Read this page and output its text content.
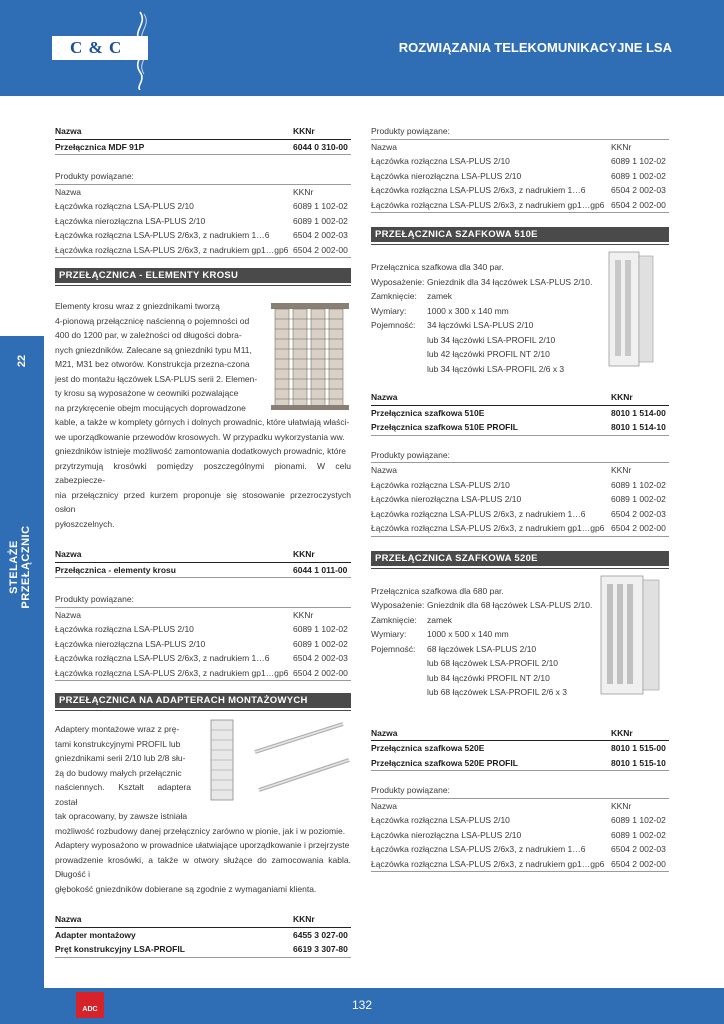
C & C	ROZWIĄZANIA TELEKOMUNIKACYJNE LSA
22
STELAŻE PRZEŁĄCZNIC
ADC	132
Nazwa	KKNr
Przełącznica MDF 91P	6044 0 310-00
Produkty powiązane:
Nazwa	KKNr
Łączówka rozłączna LSA-PLUS 2/10	6089 1 102-02
Łączówka nierozłączna LSA-PLUS 2/10	6089 1 002-02
Łączówka rozłączna LSA-PLUS 2/6x3, z nadrukiem 1…6	6504 2 002-03
Łączówka rozłączna LSA-PLUS 2/6x3, z nadrukiem gp1…gp6 6504 2 002-00
PRZEŁĄCZNICA - ELEMENTY KROSU
Elementy krosu wraz z gniezdnikami tworzą
4-pionową przełącznicę naścienną o pojemności od
400 do 1200 par, w zależności od długości dobra-
nych gniezdników. Zalecane są gniezdniki typu M11,
M21, M31 bez otworów. Konstrukcja przezna-czona
jest do montażu łączówek LSA-PLUS serii 2. Elemen-
ty krosu są wyposażone w ceowniki pozwalające
na przykręcenie obejm mocujących doprowadzone
kable, a także w komplety górnych i dolnych prowadnic, które ułatwiają właści-
we uporządkowanie przewodów krosowych. W przypadku wykorzystania ww.
gniezdników istnieje możliwość zamontowania dodatkowych prowadnic, które
przytrzymują krosówki pomiędzy poszczególnymi pionami. W celu zabezpiecze-
nia przełącznicy przed kurzem proponuje się stosowanie przezroczystych osłon
pyłoszczelnych.
Nazwa	KKNr
Przełącznica - elementy krosu	6044 1 011-00
Produkty powiązane:
Nazwa	KKNr
Łączówka rozłączna LSA-PLUS 2/10	6089 1 102-02
Łączówka nierozłączna LSA-PLUS 2/10	6089 1 002-02
Łączówka rozłączna LSA-PLUS 2/6x3, z nadrukiem 1…6	6504 2 002-03
Łączówka rozłączna LSA-PLUS 2/6x3, z nadrukiem gp1…gp6 6504 2 002-00
PRZEŁĄCZNICA NA ADAPTERACH MONTAŻOWYCH
Adaptery montażowe wraz z prę-
tami konstrukcyjnymi PROFIL lub
gniezdnikami serii 2/10 lub 2/8 słu-
żą do budowy małych przełącznic
naściennych. Kształt adaptera został
tak opracowany, by zawsze istniała
możliwość rozbudowy danej przełącznicy zarówno w pionie, jak i w poziomie.
Adaptery wyposażono w prowadnice ułatwiające uporządkowanie i przejrzyste
prowadzenie krosówki, a także w otwory służące do zamocowania kabla. Długość i
głębokość gniezdników dobierane są zgodnie z wymaganiami klienta.
Nazwa	KKNr
Adapter montażowy	6455 3 027-00
Pręt konstrukcyjny LSA-PROFIL	6619 3 307-80
Produkty powiązane:
Nazwa	KKNr
Łączówka rozłączna LSA-PLUS 2/10	6089 1 102-02
Łączówka nierozłączna LSA-PLUS 2/10	6089 1 002-02
Łączówka rozłączna LSA-PLUS 2/6x3, z nadrukiem 1…6	6504 2 002-03
Łączówka rozłączna LSA-PLUS 2/6x3, z nadrukiem gp1…gp6 6504 2 002-00
PRZEŁĄCZNICA SZAFKOWA 510E
Przełącznica szafkowa dla 340 par.
Wyposażenie: Gniezdnik dla 34 łączówek LSA-PLUS 2/10.
Zamknięcie:	zamek
Wymiary:	1000 x 300 x 140 mm
Pojemność:	34 łączówki LSA-PLUS 2/10
lub 34 łączówki LSA-PROFIL 2/10
lub 42 łączówki PROFIL NT 2/10
lub 34 łączówki LSA-PROFIL 2/6 x 3
Nazwa	KKNr
Przełącznica szafkowa 510E	8010 1 514-00
Przełącznica szafkowa 510E PROFIL	8010 1 514-10
Produkty powiązane:
Nazwa	KKNr
Łączówka rozłączna LSA-PLUS 2/10	6089 1 102-02
Łączówka nierozłączna LSA-PLUS 2/10	6089 1 002-02
Łączówka rozłączna LSA-PLUS 2/6x3, z nadrukiem 1…6	6504 2 002-03
Łączówka rozłączna LSA-PLUS 2/6x3, z nadrukiem gp1…gp6 6504 2 002-00
PRZEŁĄCZNICA SZAFKOWA 520E
Przełącznica szafkowa dla 680 par.
Wyposażenie: Gniezdnik dla 68 łączówek LSA-PLUS 2/10.
Zamknięcie:	zamek
Wymiary:	1000 x 500 x 140 mm
Pojemność:	68 łączówek LSA-PLUS 2/10
lub 68 łączówek LSA-PROFIL 2/10
lub 84 łączówki PROFIL NT 2/10
lub 68 łączówek LSA-PROFIL 2/6 x 3
Nazwa	KKNr
Przełącznica szafkowa 520E	8010 1 515-00
Przełącznica szafkowa 520E PROFIL	8010 1 515-10
Produkty powiązane:
Nazwa	KKNr
Łączówka rozłączna LSA-PLUS 2/10	6089 1 102-02
Łączówka nierozłączna LSA-PLUS 2/10	6089 1 002-02
Łączówka rozłączna LSA-PLUS 2/6x3, z nadrukiem 1…6	6504 2 002-03
Łączówka rozłączna LSA-PLUS 2/6x3, z nadrukiem gp1…gp6 6504 2 002-00
